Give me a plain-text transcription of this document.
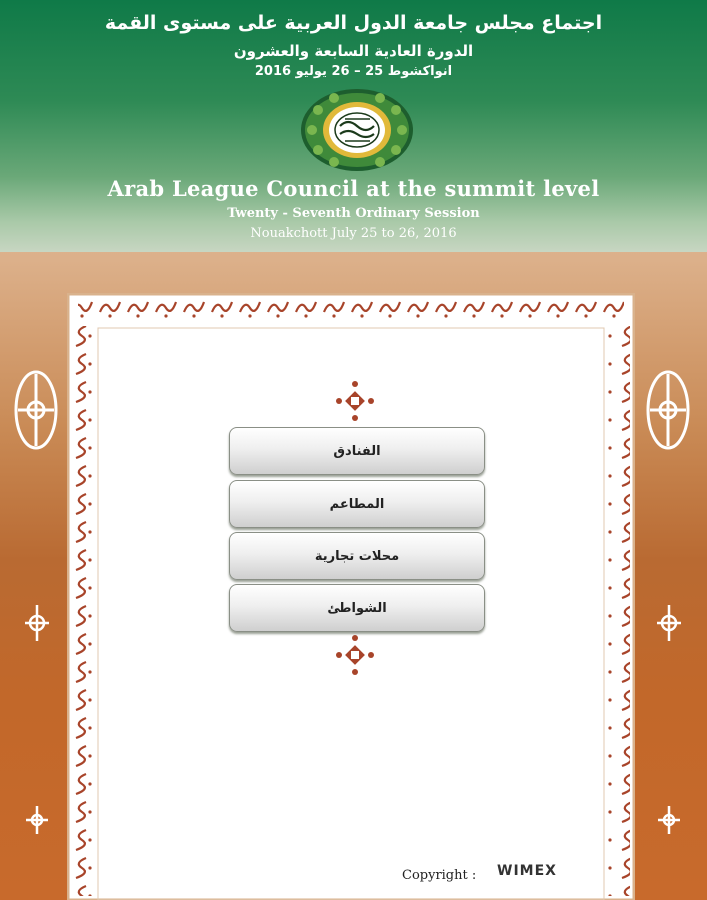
اجتماع مجلس جامعة الدول العربية على مستوى القمة
الدورة العادية السابعة والعشرون
انواكشوط 25 – 26 يوليو 2016
Arab League Council at the summit level
Twenty - Seventh Ordinary Session
Nouakchott July 25 to 26, 2016
الفنادق
المطاعم
محلات تجارية
الشواطئ
Copyright : WIMEX
